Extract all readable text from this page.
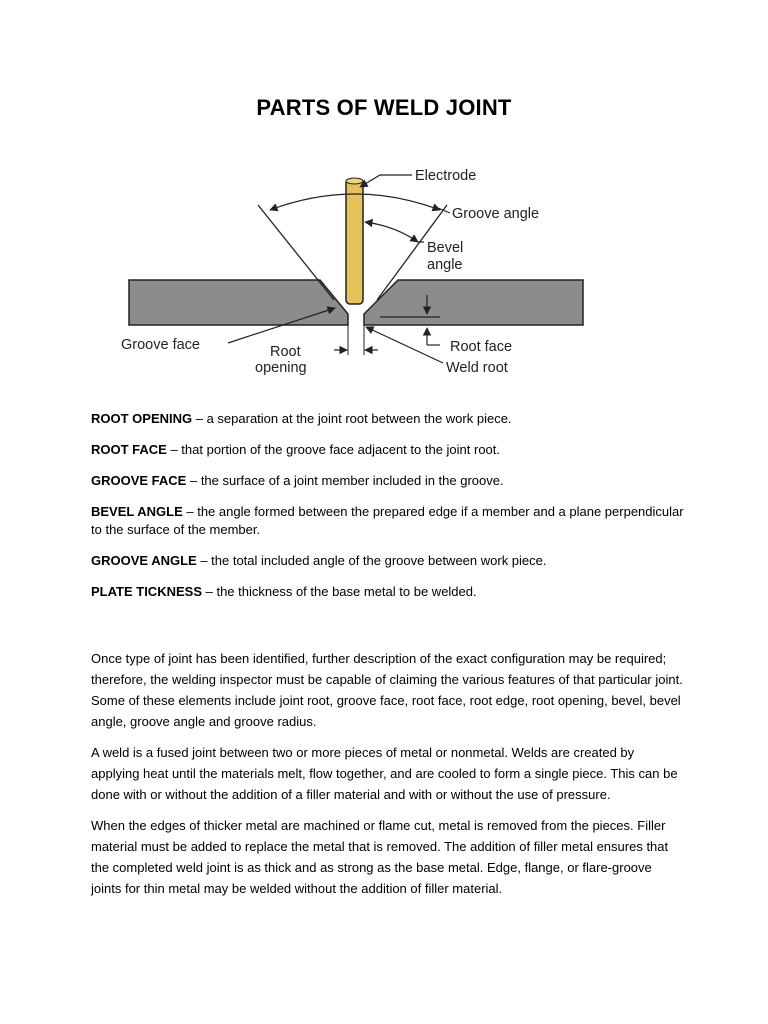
PARTS OF WELD JOINT
Electrode
Groove angle
Bevel
angle
Groove face	Root
opening
Root face
Weld root

ROOT OPENING – a separation at the joint root between the work piece.

ROOT FACE – that portion of the groove face adjacent to the joint root.

GROOVE FACE – the surface of a joint member included in the groove.

BEVEL ANGLE – the angle formed between the prepared edge if a member and a plane perpendicular to the surface of the member.

GROOVE ANGLE – the total included angle of the groove between work piece.

PLATE TICKNESS – the thickness of the base metal to be welded.

Once type of joint has been identified, further description of the exact configuration may be required; therefore, the welding inspector must be capable of claiming the various features of that particular joint. Some of these elements include joint root, groove face, root face, root edge, root opening, bevel, bevel angle, groove angle and groove radius.

A weld is a fused joint between two or more pieces of metal or nonmetal. Welds are created by applying heat until the materials melt, flow together, and are cooled to form a single piece. This can be done with or without the addition of a filler material and with or without the use of pressure.

When the edges of thicker metal are machined or flame cut, metal is removed from the pieces. Filler material must be added to replace the metal that is removed. The addition of filler metal ensures that the completed weld joint is as thick and as strong as the base metal. Edge, flange, or flare-groove joints for thin metal may be welded without the addition of filler material.
